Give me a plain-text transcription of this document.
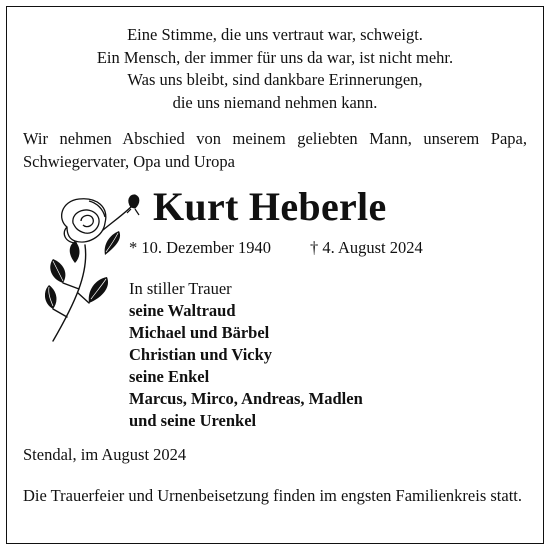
Eine Stimme, die uns vertraut war, schweigt.
Ein Mensch, der immer für uns da war, ist nicht mehr.
Was uns bleibt, sind dankbare Erinnerungen,
die uns niemand nehmen kann.
Wir nehmen Abschied von meinem geliebten Mann, unserem Papa, Schwiegervater, Opa und Uropa
Kurt Heberle
* 10. Dezember 1940 † 4. August 2024
In stiller Trauer
seine Waltraud
Michael und Bärbel
Christian und Vicky
seine Enkel
Marcus, Mirco, Andreas, Madlen
und seine Urenkel
Stendal, im August 2024
Die Trauerfeier und Urnenbeisetzung finden im engsten Familienkreis statt.
